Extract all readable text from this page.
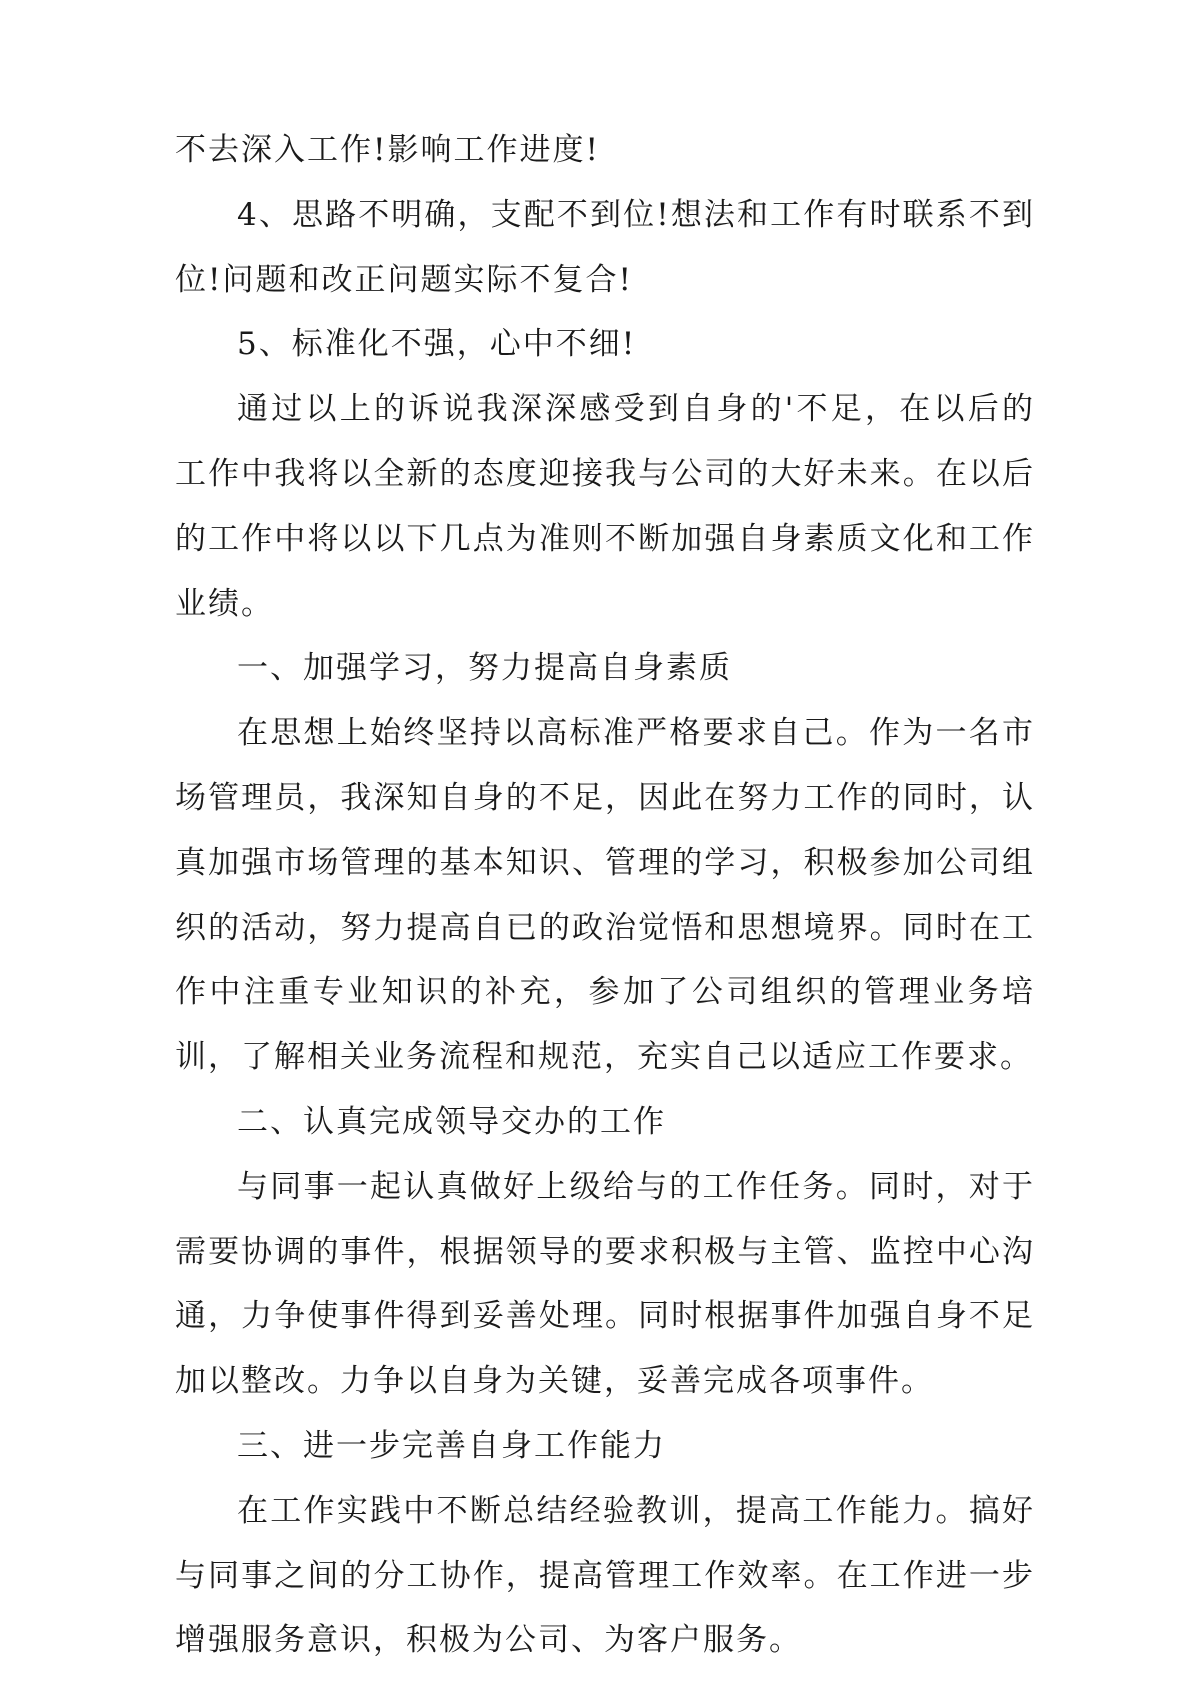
不去深入工作!影响工作进度!

4、思路不明确，支配不到位!想法和工作有时联系不到位!问题和改正问题实际不复合!

5、标准化不强，心中不细!

通过以上的诉说我深深感受到自身的'不足，在以后的工作中我将以全新的态度迎接我与公司的大好未来。在以后的工作中将以以下几点为准则不断加强自身素质文化和工作业绩。

一、加强学习，努力提高自身素质

在思想上始终坚持以高标准严格要求自己。作为一名市场管理员，我深知自身的不足，因此在努力工作的同时，认真加强市场管理的基本知识、管理的学习，积极参加公司组织的活动，努力提高自已的政治觉悟和思想境界。同时在工作中注重专业知识的补充，参加了公司组织的管理业务培训，了解相关业务流程和规范，充实自己以适应工作要求。

二、认真完成领导交办的工作

与同事一起认真做好上级给与的工作任务。同时，对于需要协调的事件，根据领导的要求积极与主管、监控中心沟通，力争使事件得到妥善处理。同时根据事件加强自身不足加以整改。力争以自身为关键，妥善完成各项事件。

三、进一步完善自身工作能力

在工作实践中不断总结经验教训，提高工作能力。搞好与同事之间的分工协作，提高管理工作效率。在工作进一步增强服务意识，积极为公司、为客户服务。
